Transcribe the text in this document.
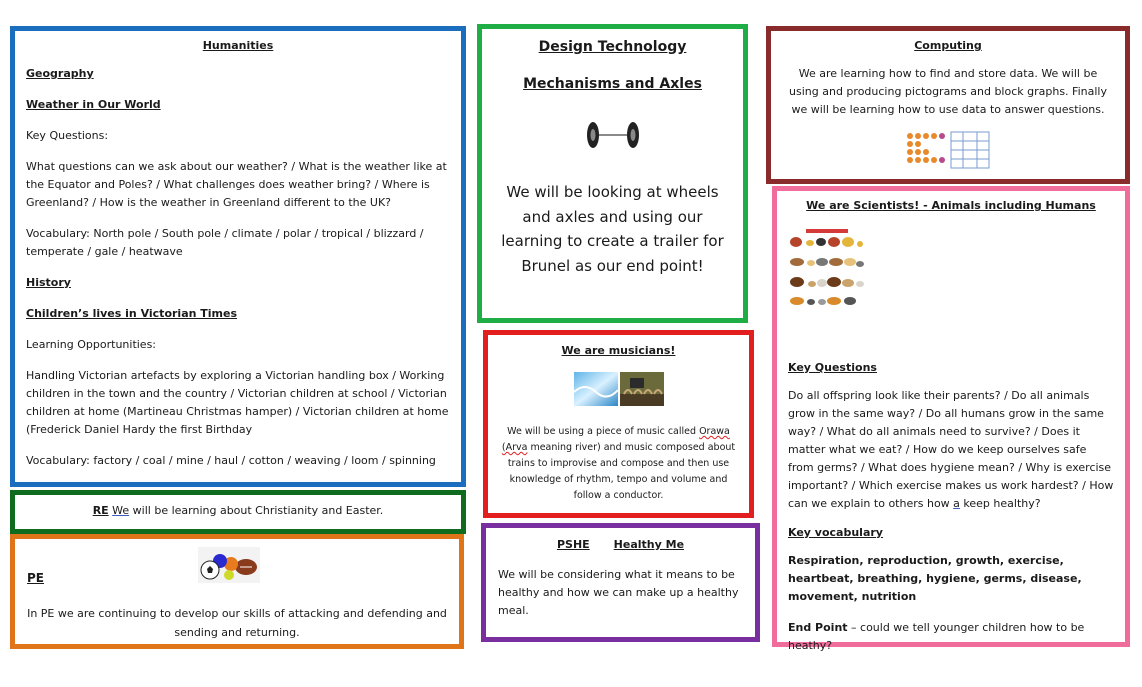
Humanities

Geography

Weather in Our World

Key Questions:

What questions can we ask about our weather? / What is the weather like at the Equator and Poles? / What challenges does weather bring? / Where is Greenland? / How is the weather in Greenland different to the UK?

Vocabulary: North pole / South pole / climate / polar / tropical / blizzard / temperate / gale / heatwave

History

Children’s lives in Victorian Times

Learning Opportunities:

Handling Victorian artefacts by exploring a Victorian handling box / Working children in the town and the country / Victorian children at school / Victorian children at home (Martineau Christmas hamper) / Victorian children at home (Frederick Daniel Hardy the first Birthday

Vocabulary: factory / coal / mine / haul / cotton / weaving / loom / spinning

RE We will be learning about Christianity and Easter.

PE

In PE we are continuing to develop our skills of attacking and defending and sending and returning.

Design Technology

Mechanisms and Axles

We will be looking at wheels and axles and using our learning to create a trailer for Brunel as our end point!

We are musicians!

We will be using a piece of music called Orawa (Arva meaning river) and music composed about trains to improvise and compose and then use knowledge of rhythm, tempo and volume and follow a conductor.

PSHE Healthy Me

We will be considering what it means to be healthy and how we can make up a healthy meal.

Computing

We are learning how to find and store data. We will be using and producing pictograms and block graphs. Finally we will be learning how to use data to answer questions.

We are Scientists! - Animals including Humans

Key Questions

Do all offspring look like their parents? / Do all animals grow in the same way? / Do all humans grow in the same way? / What do all animals need to survive? / Does it matter what we eat? / How do we keep ourselves safe from germs? / What does hygiene mean? / Why is exercise important? / Which exercise makes us work hardest? / How can we explain to others how a keep healthy?

Key vocabulary

Respiration, reproduction, growth, exercise, heartbeat, breathing, hygiene, germs, disease, movement, nutrition

End Point – could we tell younger children how to be heathy?
